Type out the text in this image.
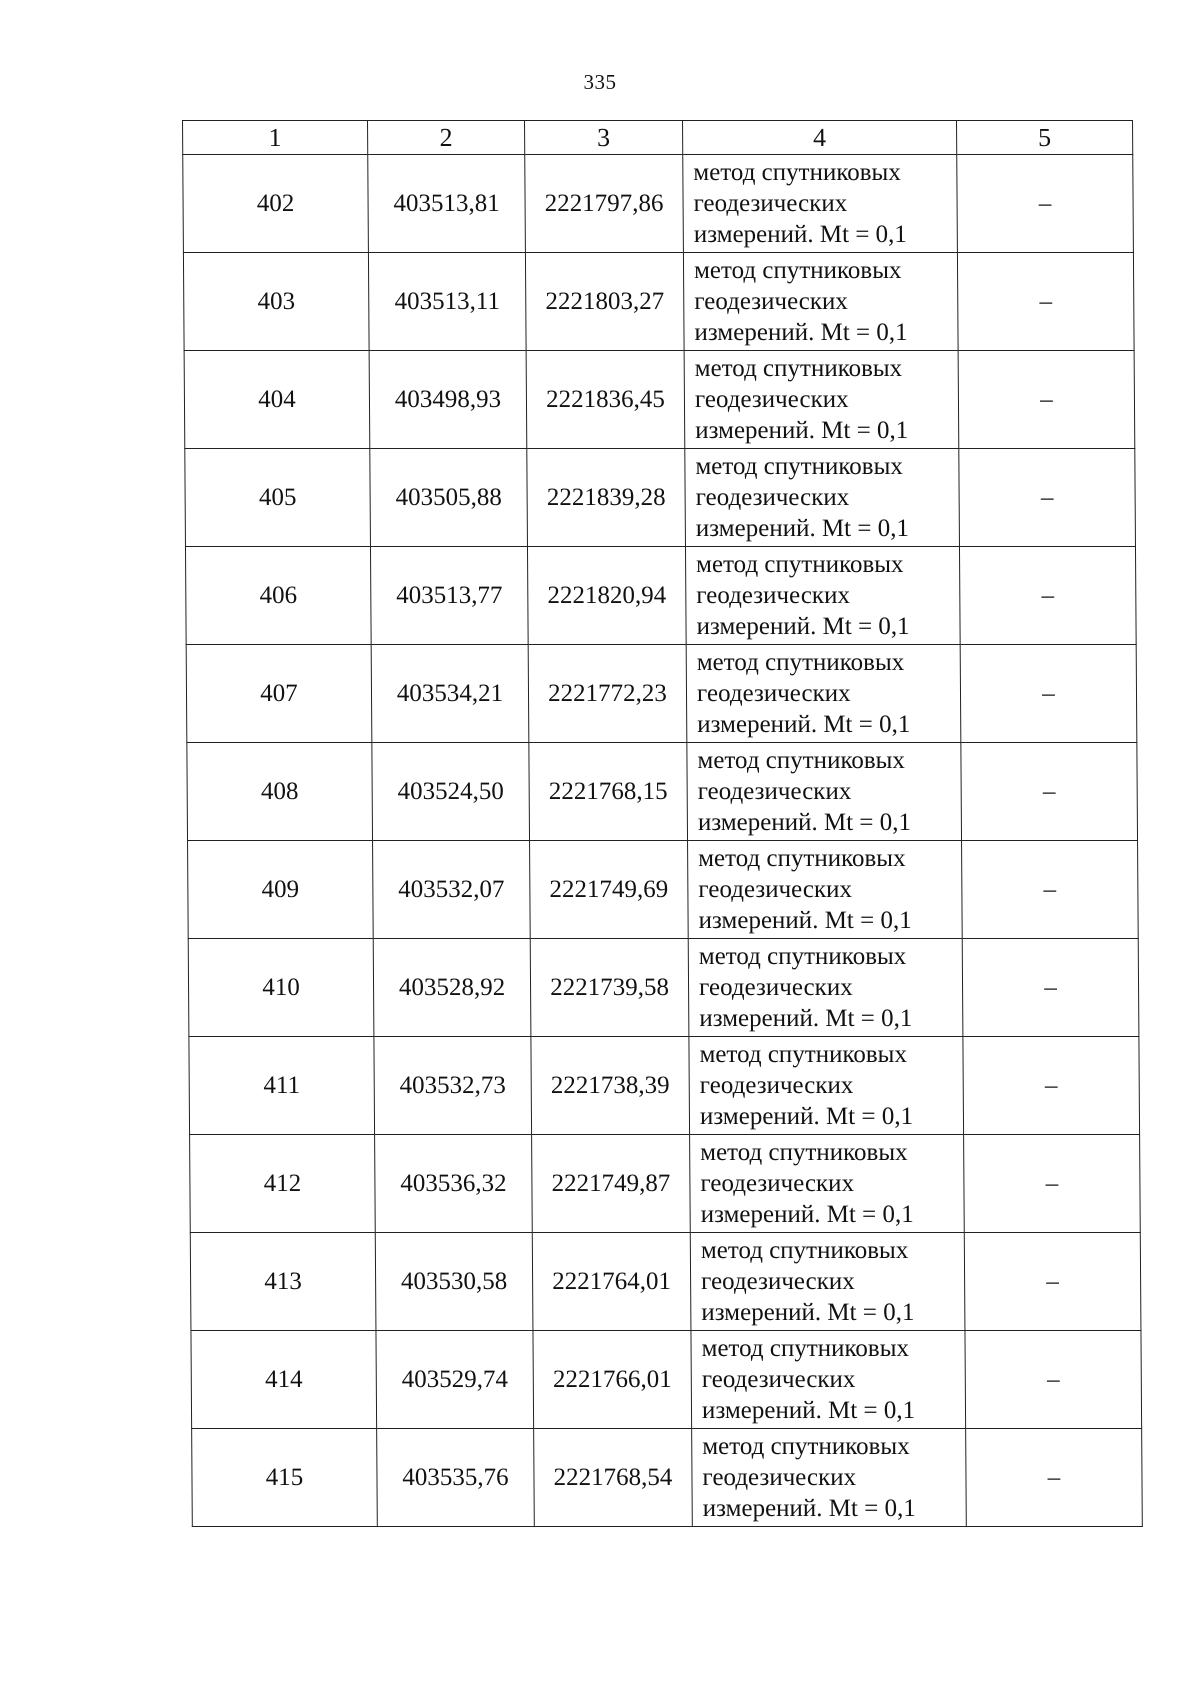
335
1	2	3	4	5
402	403513,81	2221797,86	метод спутниковых
геодезических
измерений. Mt = 0,1	–
403	403513,11	2221803,27	метод спутниковых
геодезических
измерений. Mt = 0,1	–
404	403498,93	2221836,45	метод спутниковых
геодезических
измерений. Mt = 0,1	–
405	403505,88	2221839,28	метод спутниковых
геодезических
измерений. Mt = 0,1	–
406	403513,77	2221820,94	метод спутниковых
геодезических
измерений. Mt = 0,1	–
407	403534,21	2221772,23	метод спутниковых
геодезических
измерений. Mt = 0,1	–
408	403524,50	2221768,15	метод спутниковых
геодезических
измерений. Mt = 0,1	–
409	403532,07	2221749,69	метод спутниковых
геодезических
измерений. Mt = 0,1	–
410	403528,92	2221739,58	метод спутниковых
геодезических
измерений. Mt = 0,1	–
411	403532,73	2221738,39	метод спутниковых
геодезических
измерений. Mt = 0,1	–
412	403536,32	2221749,87	метод спутниковых
геодезических
измерений. Mt = 0,1	–
413	403530,58	2221764,01	метод спутниковых
геодезических
измерений. Mt = 0,1	–
414	403529,74	2221766,01	метод спутниковых
геодезических
измерений. Mt = 0,1	–
415	403535,76	2221768,54	метод спутниковых
геодезических
измерений. Mt = 0,1	–
